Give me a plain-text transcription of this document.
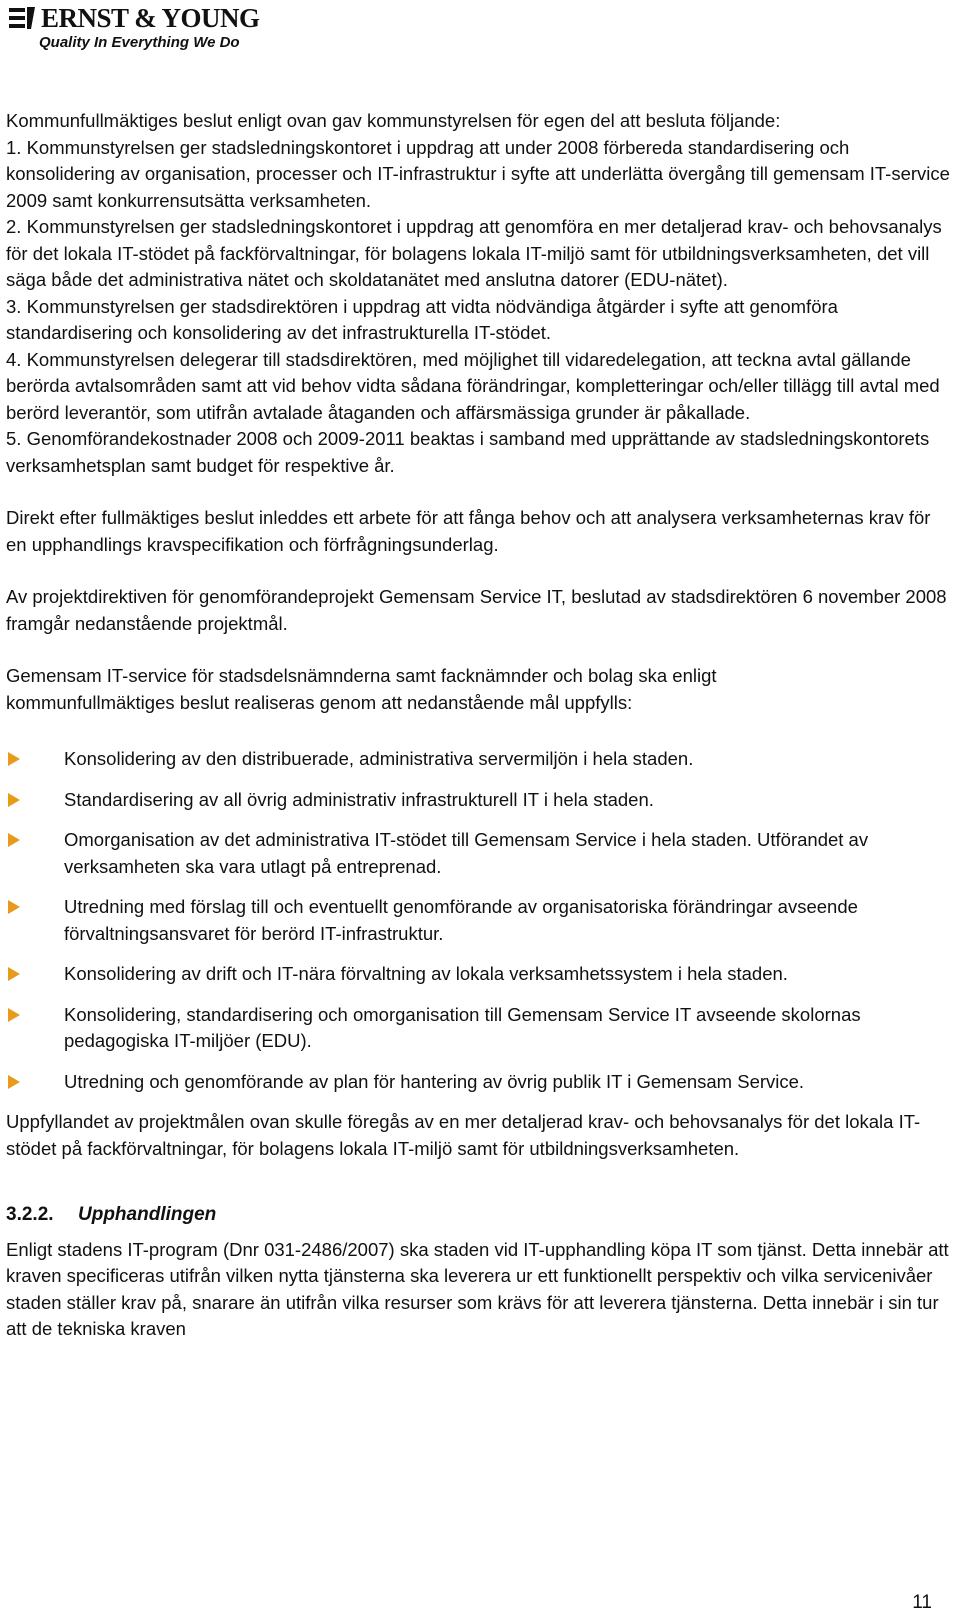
ERNST & YOUNG
Quality In Everything We Do

Kommunfullmäktiges beslut enligt ovan gav kommunstyrelsen för egen del att besluta följande:

1. Kommunstyrelsen ger stadsledningskontoret i uppdrag att under 2008 förbereda standardisering och konsolidering av organisation, processer och IT-infrastruktur i syfte att underlätta övergång till gemensam IT-service 2009 samt konkurrensutsätta verksamheten.

2. Kommunstyrelsen ger stadsledningskontoret i uppdrag att genomföra en mer detaljerad krav- och behovsanalys för det lokala IT-stödet på fackförvaltningar, för bolagens lokala IT-miljö samt för utbildningsverksamheten, det vill säga både det administrativa nätet och skoldatanätet med anslutna datorer (EDU-nätet).

3. Kommunstyrelsen ger stadsdirektören i uppdrag att vidta nödvändiga åtgärder i syfte att genomföra standardisering och konsolidering av det infrastrukturella IT-stödet.

4. Kommunstyrelsen delegerar till stadsdirektören, med möjlighet till vidaredelegation, att teckna avtal gällande berörda avtalsområden samt att vid behov vidta sådana förändringar, kompletteringar och/eller tillägg till avtal med berörd leverantör, som utifrån avtalade åtaganden och affärsmässiga grunder är påkallade.

5. Genomförandekostnader 2008 och 2009-2011 beaktas i samband med upprättande av stadsledningskontorets verksamhetsplan samt budget för respektive år.

Direkt efter fullmäktiges beslut inleddes ett arbete för att fånga behov och att analysera verksamheternas krav för en upphandlings kravspecifikation och förfrågningsunderlag.

Av projektdirektiven för genomförandeprojekt Gemensam Service IT, beslutad av stadsdirektören 6 november 2008 framgår nedanstående projektmål.

Gemensam IT-service för stadsdelsnämnderna samt facknämnder och bolag ska enligt kommunfullmäktiges beslut realiseras genom att nedanstående mål uppfylls:

Konsolidering av den distribuerade, administrativa servermiljön i hela staden.
Standardisering av all övrig administrativ infrastrukturell IT i hela staden.
Omorganisation av det administrativa IT-stödet till Gemensam Service i hela staden. Utförandet av verksamheten ska vara utlagt på entreprenad.
Utredning med förslag till och eventuellt genomförande av organisatoriska förändringar avseende förvaltningsansvaret för berörd IT-infrastruktur.
Konsolidering av drift och IT-nära förvaltning av lokala verksamhetssystem i hela staden.
Konsolidering, standardisering och omorganisation till Gemensam Service IT avseende skolornas pedagogiska IT-miljöer (EDU).
Utredning och genomförande av plan för hantering av övrig publik IT i Gemensam Service.

Uppfyllandet av projektmålen ovan skulle föregås av en mer detaljerad krav- och behovsanalys för det lokala IT-stödet på fackförvaltningar, för bolagens lokala IT-miljö samt för utbildningsverksamheten.

3.2.2. Upphandlingen

Enligt stadens IT-program (Dnr 031-2486/2007) ska staden vid IT-upphandling köpa IT som tjänst. Detta innebär att kraven specificeras utifrån vilken nytta tjänsterna ska leverera ur ett funktionellt perspektiv och vilka servicenivåer staden ställer krav på, snarare än utifrån vilka resurser som krävs för att leverera tjänsterna. Detta innebär i sin tur att de tekniska kraven

11
